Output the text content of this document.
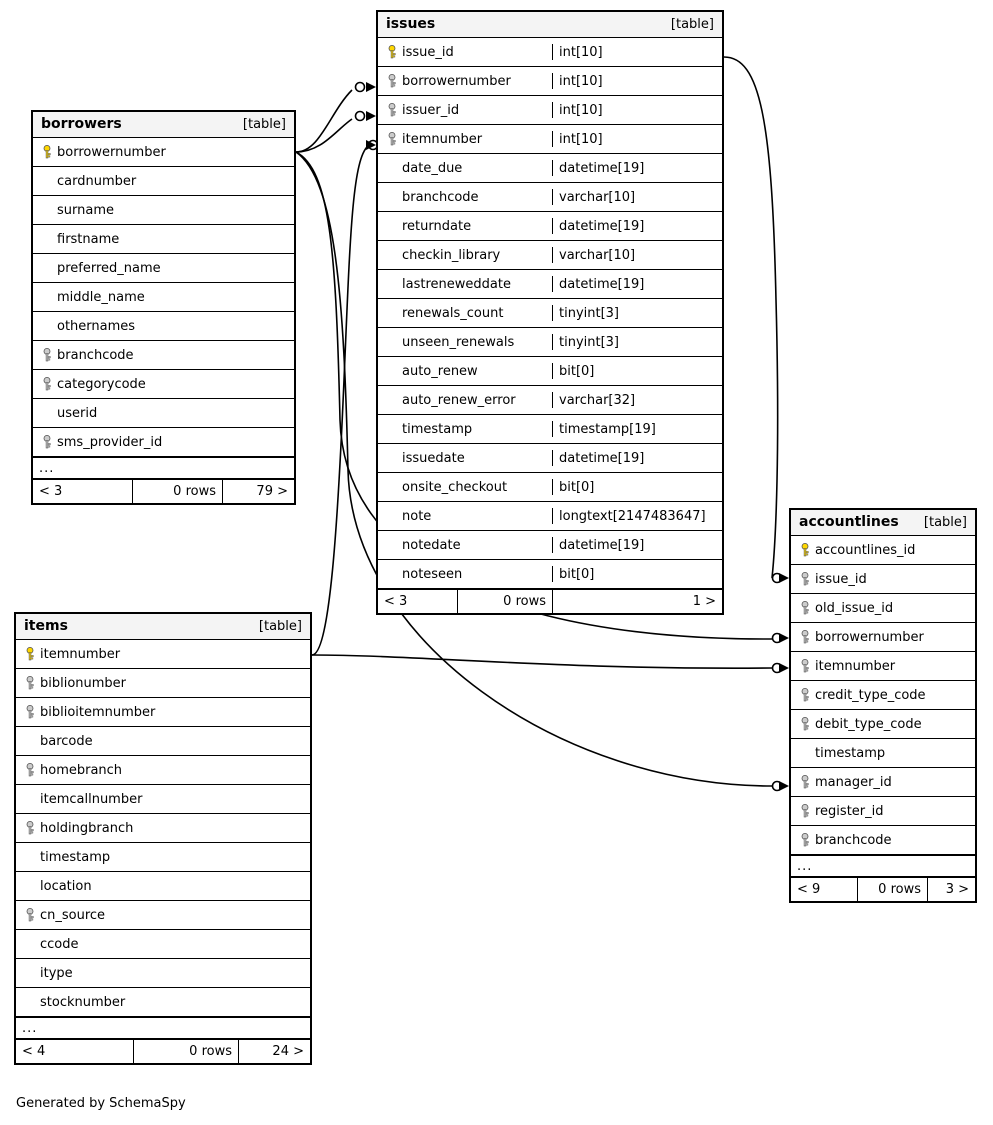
Generated by SchemaSpy
issues	[table]
issue_id	int[10]
borrowernumber	int[10]
issuer_id	int[10]
itemnumber	int[10]
date_due	datetime[19]
branchcode	varchar[10]
returndate	datetime[19]
checkin_library	varchar[10]
lastreneweddate	datetime[19]
renewals_count	tinyint[3]
unseen_renewals	tinyint[3]
auto_renew	bit[0]
auto_renew_error	varchar[32]
timestamp	timestamp[19]
issuedate	datetime[19]
onsite_checkout	bit[0]
note	longtext[2147483647]
notedate	datetime[19]
noteseen	bit[0]
< 3	0 rows	1 >
borrowers	[table]
borrowernumber
cardnumber
surname
firstname
preferred_name
middle_name
othernames
branchcode
categorycode
userid
sms_provider_id
...
< 3	0 rows	79 >
items	[table]
itemnumber
biblionumber
biblioitemnumber
barcode
homebranch
itemcallnumber
holdingbranch
timestamp
location
cn_source
ccode
itype
stocknumber
...
< 4	0 rows	24 >
accountlines [table]
accountlines_id
issue_id
old_issue_id
borrowernumber
itemnumber
credit_type_code
debit_type_code
timestamp
manager_id
register_id
branchcode
...
< 9	0 rows	3 >
